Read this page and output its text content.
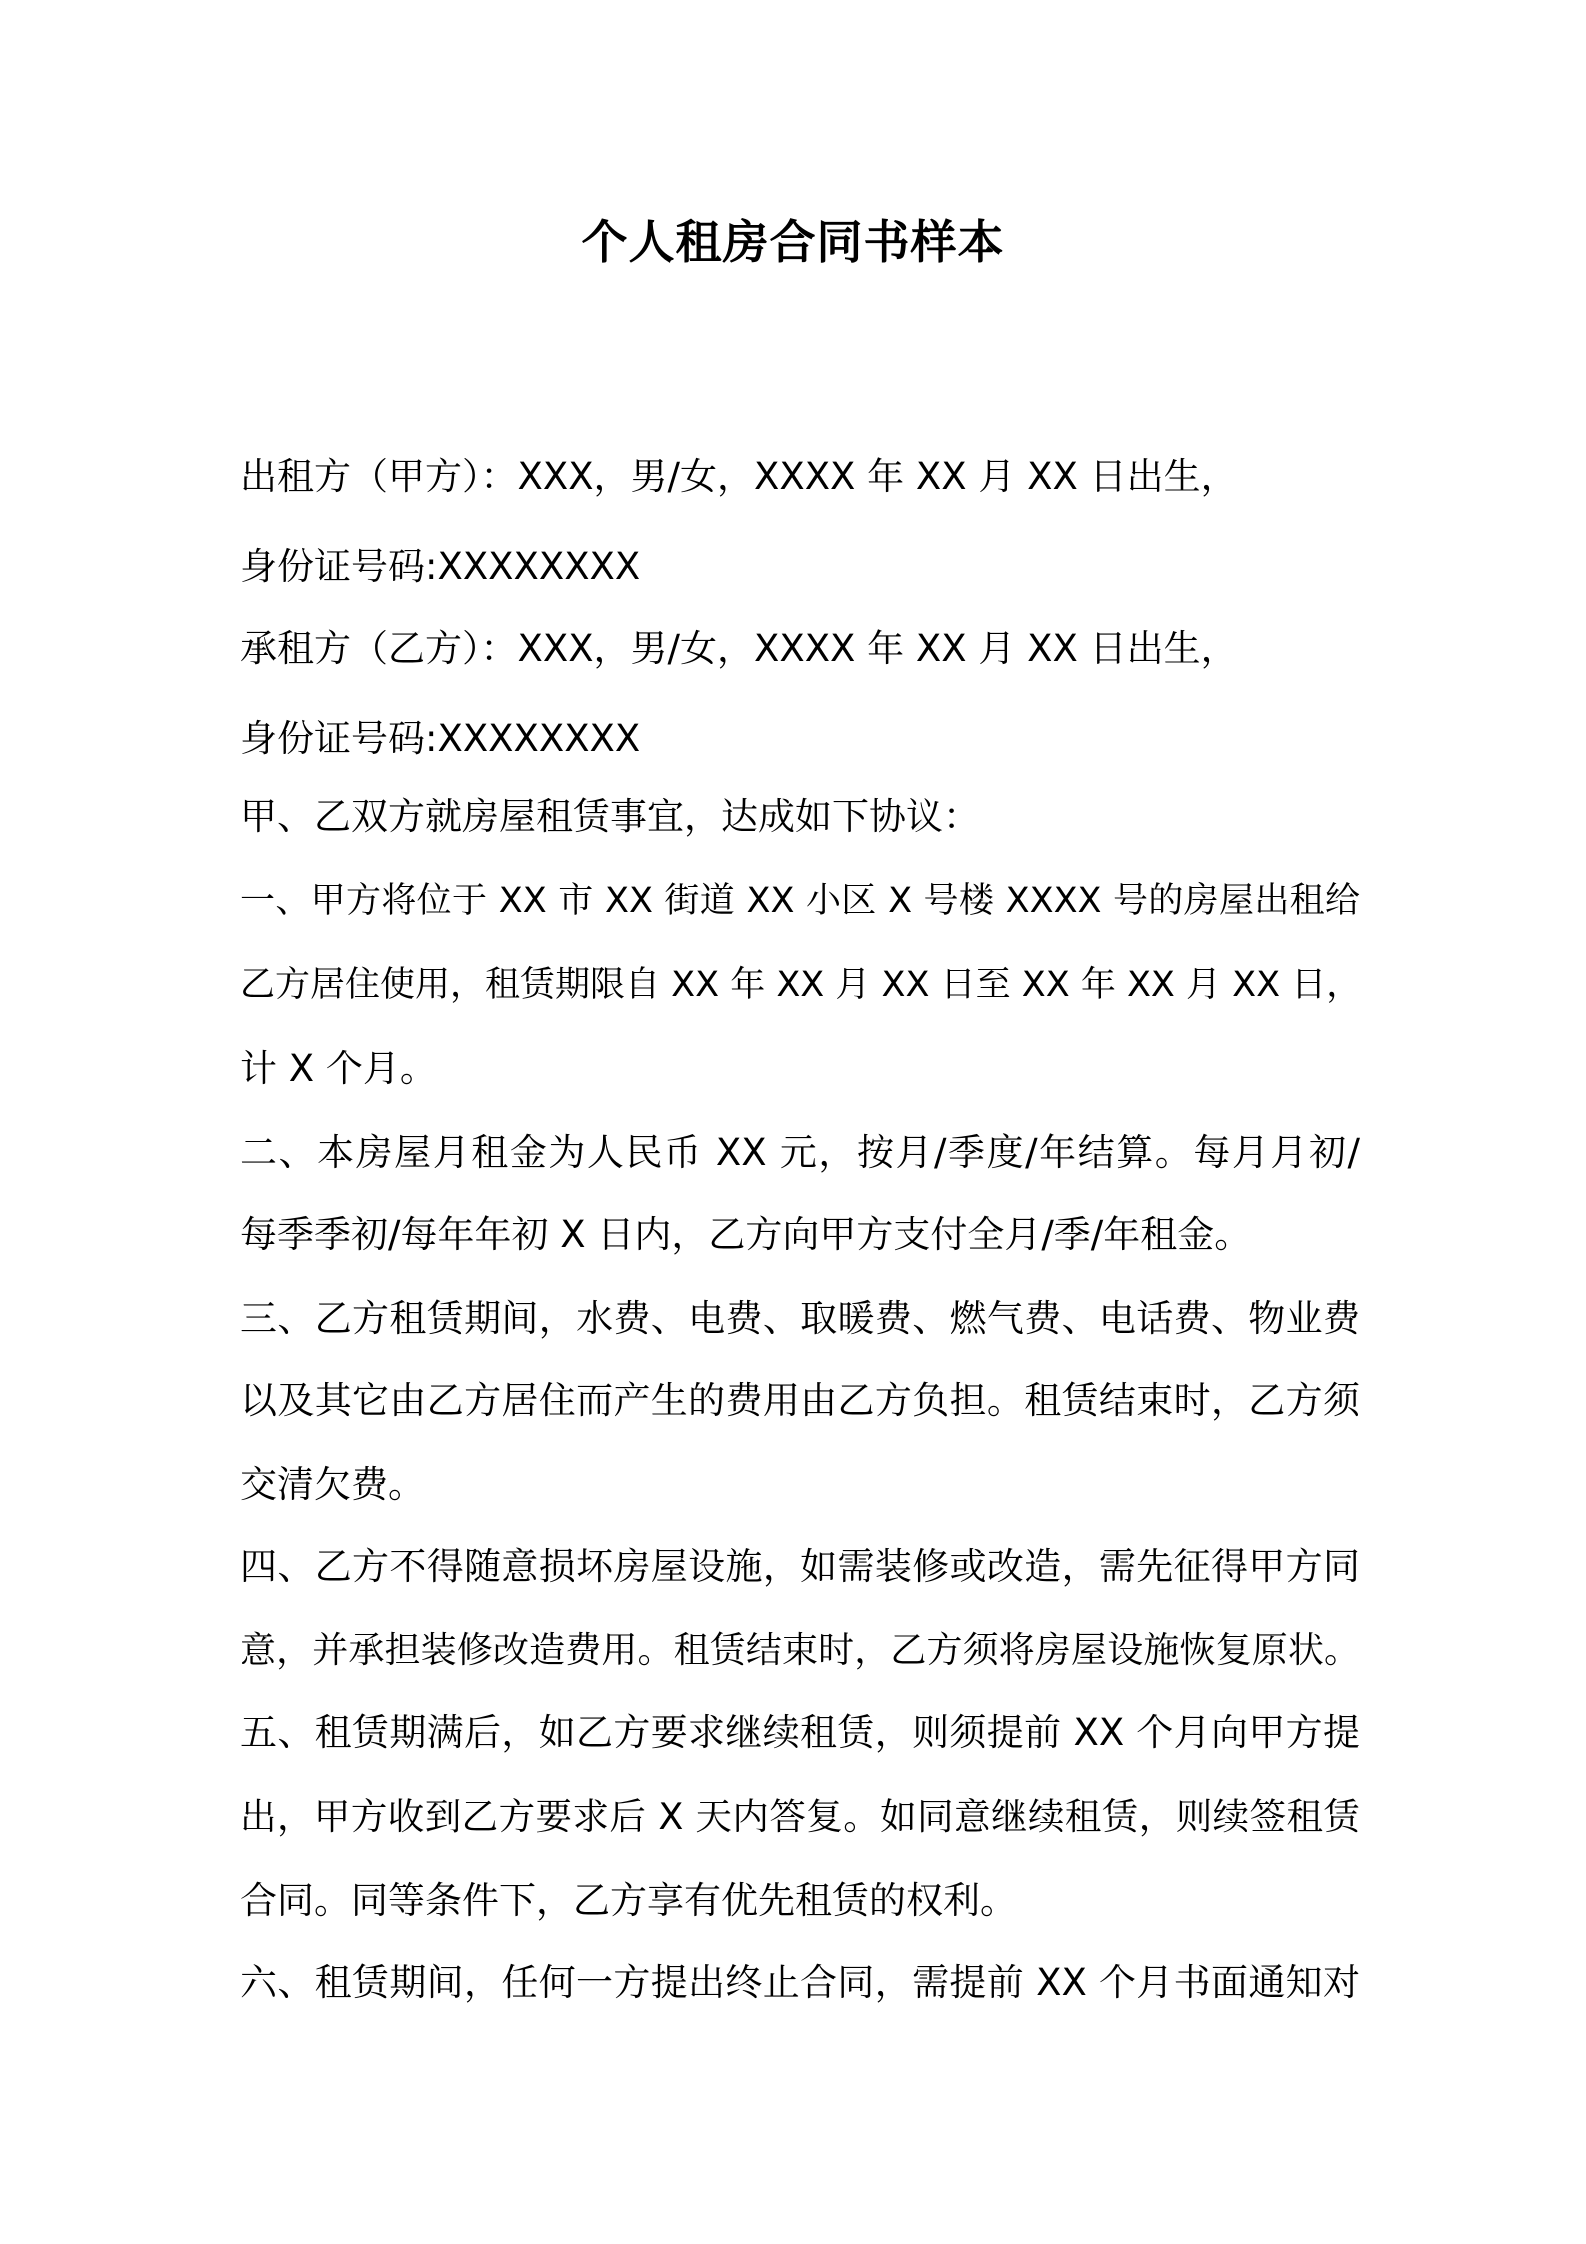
个人租房合同书样本
出租方（甲方）：XXX，男/女，XXXX 年 XX 月 XX 日出生，
身份证号码:XXXXXXXX
承租方（乙方）：XXX，男/女，XXXX 年 XX 月 XX 日出生，
身份证号码:XXXXXXXX
甲、乙双方就房屋租赁事宜，达成如下协议：
一、甲方将位于 XX 市 XX 街道 XX 小区 X 号楼 XXXX 号的房屋出租给
乙方居住使用，租赁期限自 XX 年 XX 月 XX 日至 XX 年 XX 月 XX 日，
计 X 个月。
二、本房屋月租金为人民币 XX 元，按月/季度/年结算。每月月初/
每季季初/每年年初 X 日内，乙方向甲方支付全月/季/年租金。
三、乙方租赁期间，水费、电费、取暖费、燃气费、电话费、物业费
以及其它由乙方居住而产生的费用由乙方负担。租赁结束时，乙方须
交清欠费。
四、乙方不得随意损坏房屋设施，如需装修或改造，需先征得甲方同
意，并承担装修改造费用。租赁结束时，乙方须将房屋设施恢复原状。
五、租赁期满后，如乙方要求继续租赁，则须提前 XX 个月向甲方提
出，甲方收到乙方要求后 X 天内答复。如同意继续租赁，则续签租赁
合同。同等条件下，乙方享有优先租赁的权利。
六、租赁期间，任何一方提出终止合同，需提前 XX 个月书面通知对
